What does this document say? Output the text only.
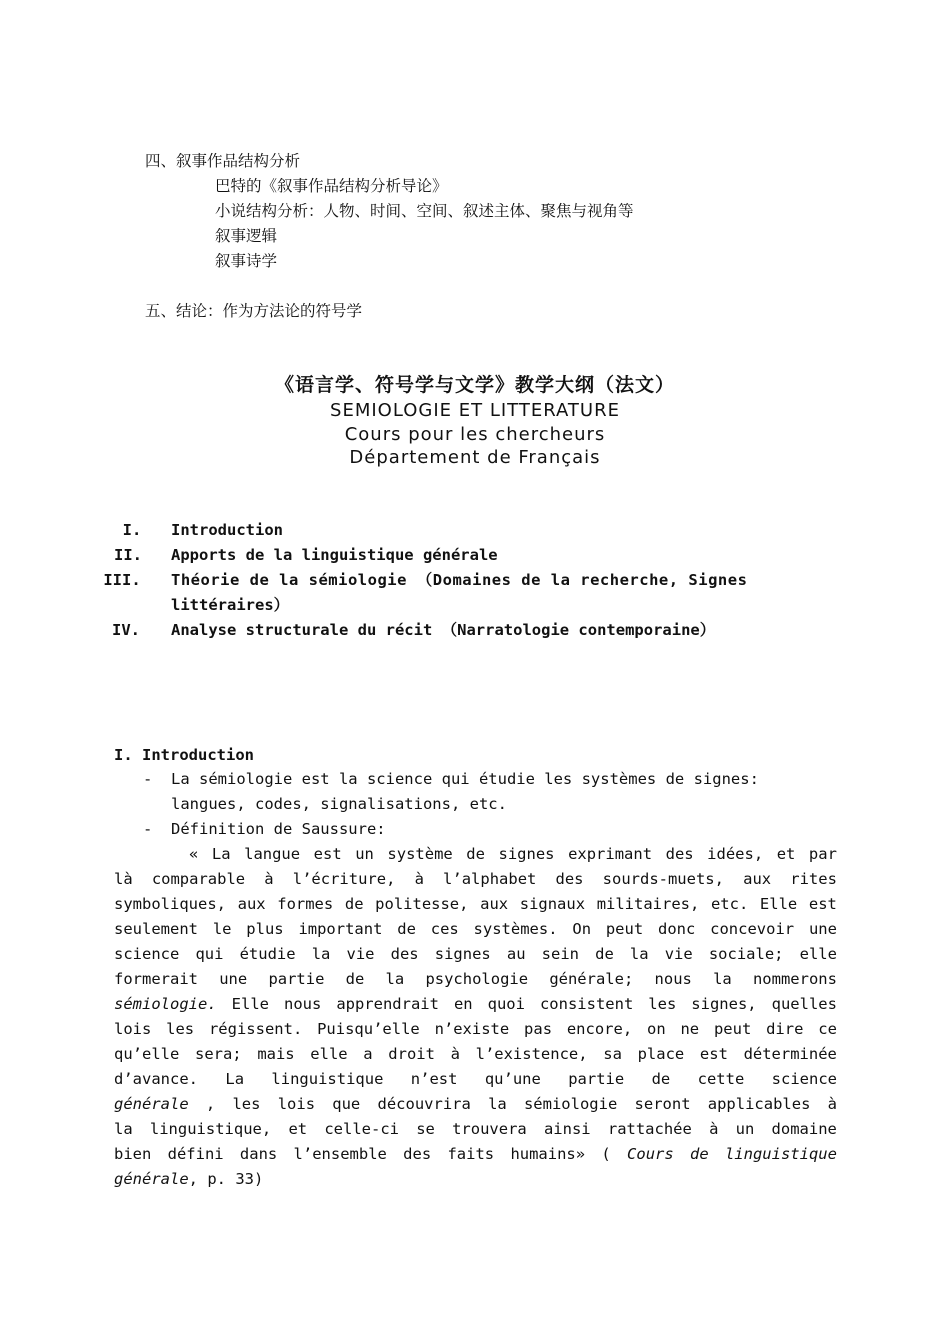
四、叙事作品结构分析
巴特的《叙事作品结构分析导论》
小说结构分析：人物、时间、空间、叙述主体、聚焦与视角等
叙事逻辑
叙事诗学
五、结论：作为方法论的符号学
《语言学、符号学与文学》教学大纲（法文）
SEMIOLOGIE ET LITTERATURE
Cours pour les chercheurs
Département de Français
I.	Introduction
II.	Apports de la linguistique générale
III. Théorie de la sémiologie （Domaines de la recherche, Signes
littéraires）
IV.	Analyse structurale du récit （Narratologie contemporaine）
I. Introduction
- La sémiologie est la science qui étudie les systèmes de signes:
langues, codes, signalisations, etc.
- Définition de Saussure:
« La langue est un système de signes exprimant des idées, et par
là comparable à l’écriture, à l’alphabet des sourds-muets, aux rites
symboliques, aux formes de politesse, aux signaux militaires, etc. Elle est
seulement le plus important de ces systèmes. On peut donc concevoir une
science qui étudie la vie des signes au sein de la vie sociale; elle
formerait une partie de la psychologie générale; nous la nommerons
sémiologie. Elle nous apprendrait en quoi consistent les signes, quelles
lois les régissent. Puisqu’elle n’existe pas encore, on ne peut dire ce
qu’elle sera; mais elle a droit à l’existence, sa place est déterminée
d’avance. La linguistique n’est qu’une partie de cette science
générale , les lois que découvrira la sémiologie seront applicables à
la linguistique, et celle-ci se trouvera ainsi rattachée à un domaine
bien défini dans l’ensemble des faits humains» ( Cours de linguistique
générale, p. 33)
